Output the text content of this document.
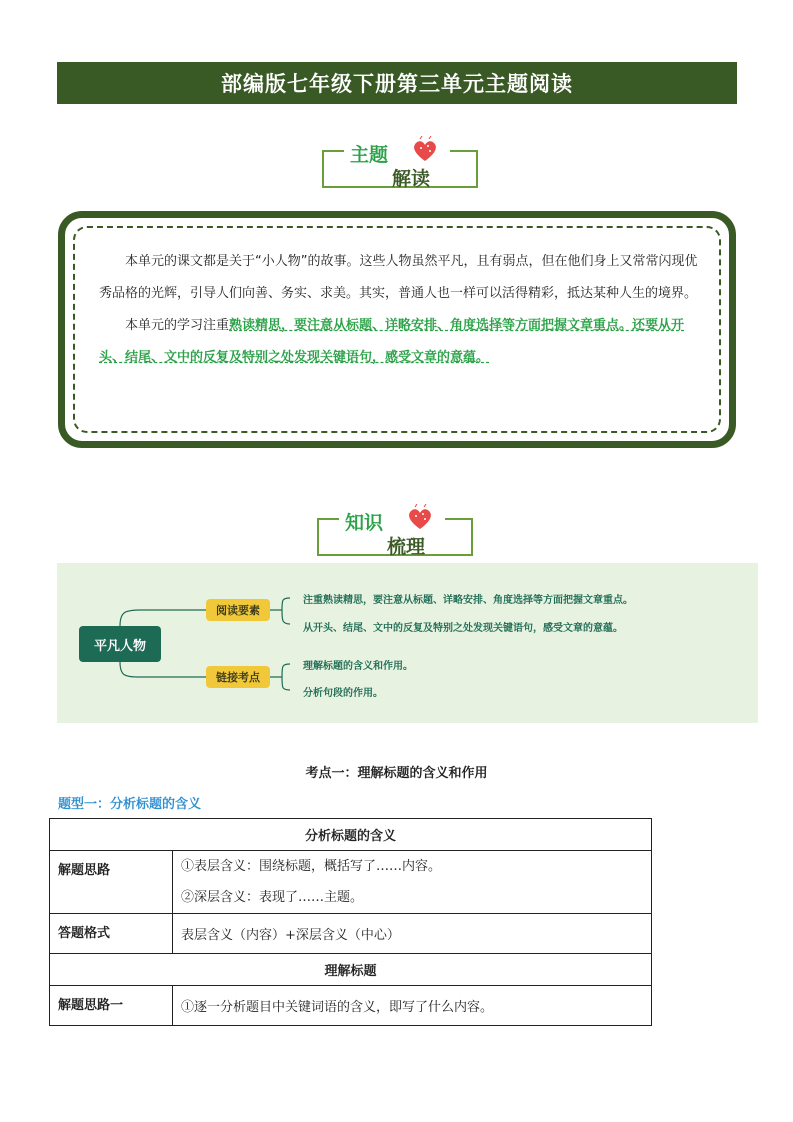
部编版七年级下册第三单元主题阅读
主题
解读

本单元的课文都是关于“小人物”的故事。这些人物虽然平凡，且有弱点，但在他们身上又常常闪现优秀品格的光辉，引导人们向善、务实、求美。其实，普通人也一样可以活得精彩，抵达某种人生的境界。

本单元的学习注重熟读精思，要注意从标题、详略安排、角度选择等方面把握文章重点。还要从开头、结尾、文中的反复及特别之处发现关键语句，感受文章的意蕴。

知识
梳理
平凡人物
阅读要素
链接考点
注重熟读精思，要注意从标题、详略安排、角度选择等方面把握文章重点。
从开头、结尾、文中的反复及特别之处发现关键语句，感受文章的意蕴。
理解标题的含义和作用。
分析句段的作用。
考点一：理解标题的含义和作用
题型一：分析标题的含义
分析标题的含义	
解题思路	①表层含义：围绕标题，概括写了……内容。
②深层含义：表现了……主题。

答题格式	表层含义（内容）+深层含义（中心）
理解标题	
解题思路一	①逐一分析题目中关键词语的含义，即写了什么内容。
